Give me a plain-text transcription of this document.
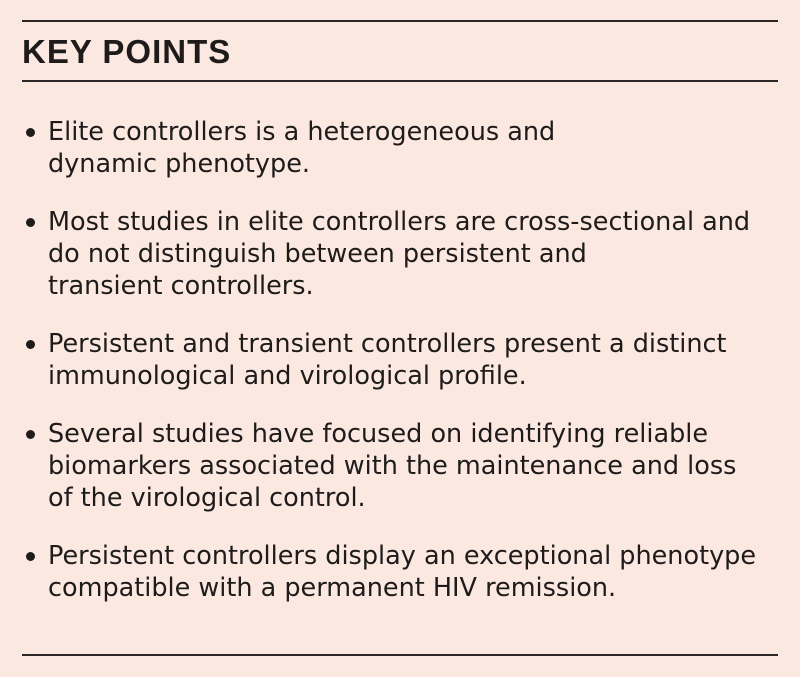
KEY POINTS
Elite controllers is a heterogeneous and
dynamic phenotype.
Most studies in elite controllers are cross-sectional and
do not distinguish between persistent and
transient controllers.
Persistent and transient controllers present a distinct
immunological and virological profile.
Several studies have focused on identifying reliable
biomarkers associated with the maintenance and loss
of the virological control.
Persistent controllers display an exceptional phenotype
compatible with a permanent HIV remission.
